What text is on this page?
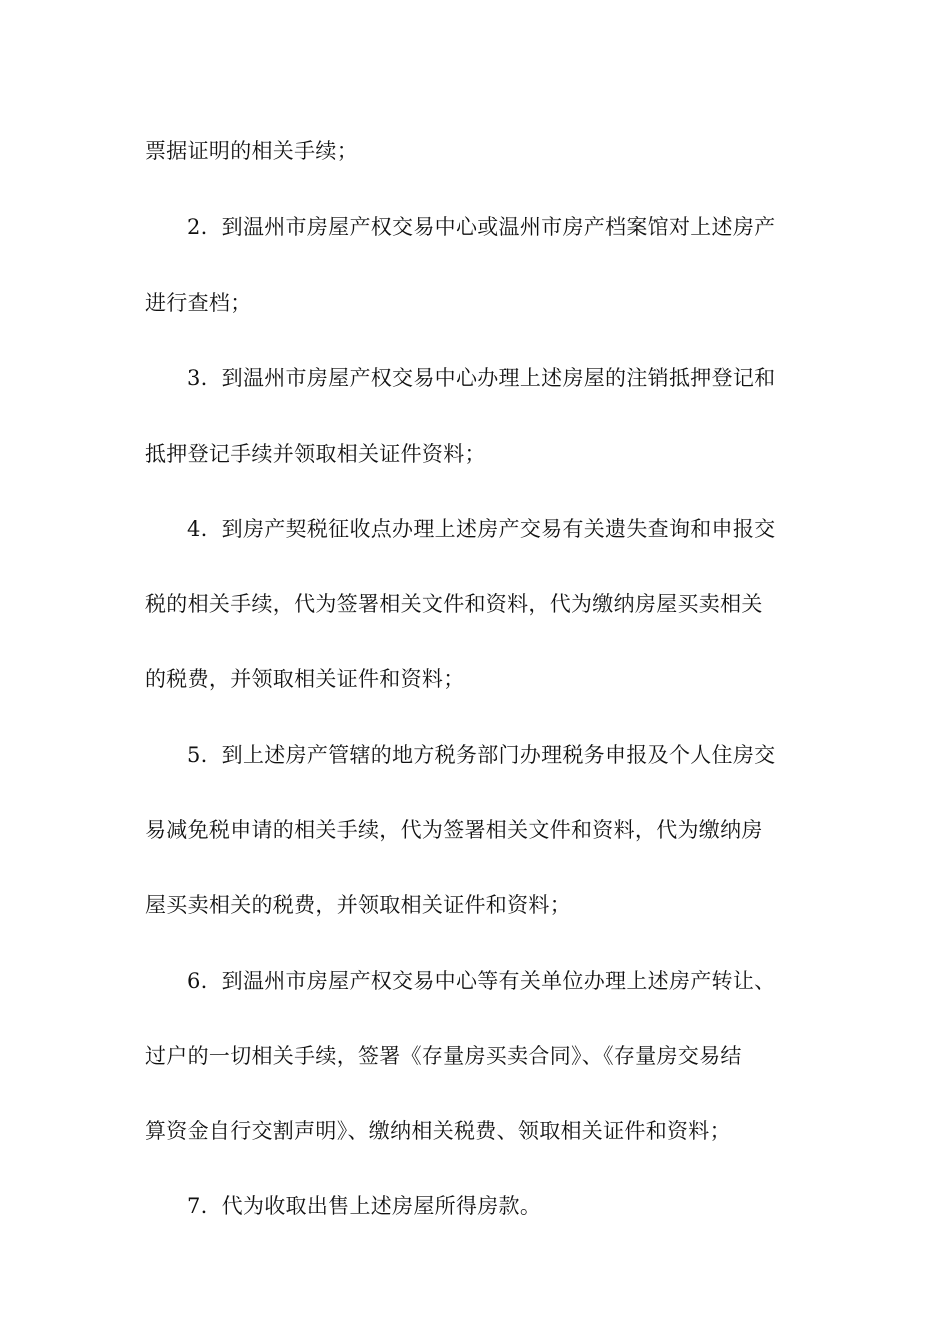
票据证明的相关手续；
2. 到温州市房屋产权交易中心或温州市房产档案馆对上述房产
进行查档；
3. 到温州市房屋产权交易中心办理上述房屋的注销抵押登记和
抵押登记手续并领取相关证件资料；
4. 到房产契税征收点办理上述房产交易有关遗失查询和申报交
税的相关手续，代为签署相关文件和资料，代为缴纳房屋买卖相关
的税费，并领取相关证件和资料；
5. 到上述房产管辖的地方税务部门办理税务申报及个人住房交
易减免税申请的相关手续，代为签署相关文件和资料，代为缴纳房
屋买卖相关的税费，并领取相关证件和资料；
6. 到温州市房屋产权交易中心等有关单位办理上述房产转让、
过户的一切相关手续，签署《存量房买卖合同》、《存量房交易结
算资金自行交割声明》、缴纳相关税费、领取相关证件和资料；
7. 代为收取出售上述房屋所得房款。
